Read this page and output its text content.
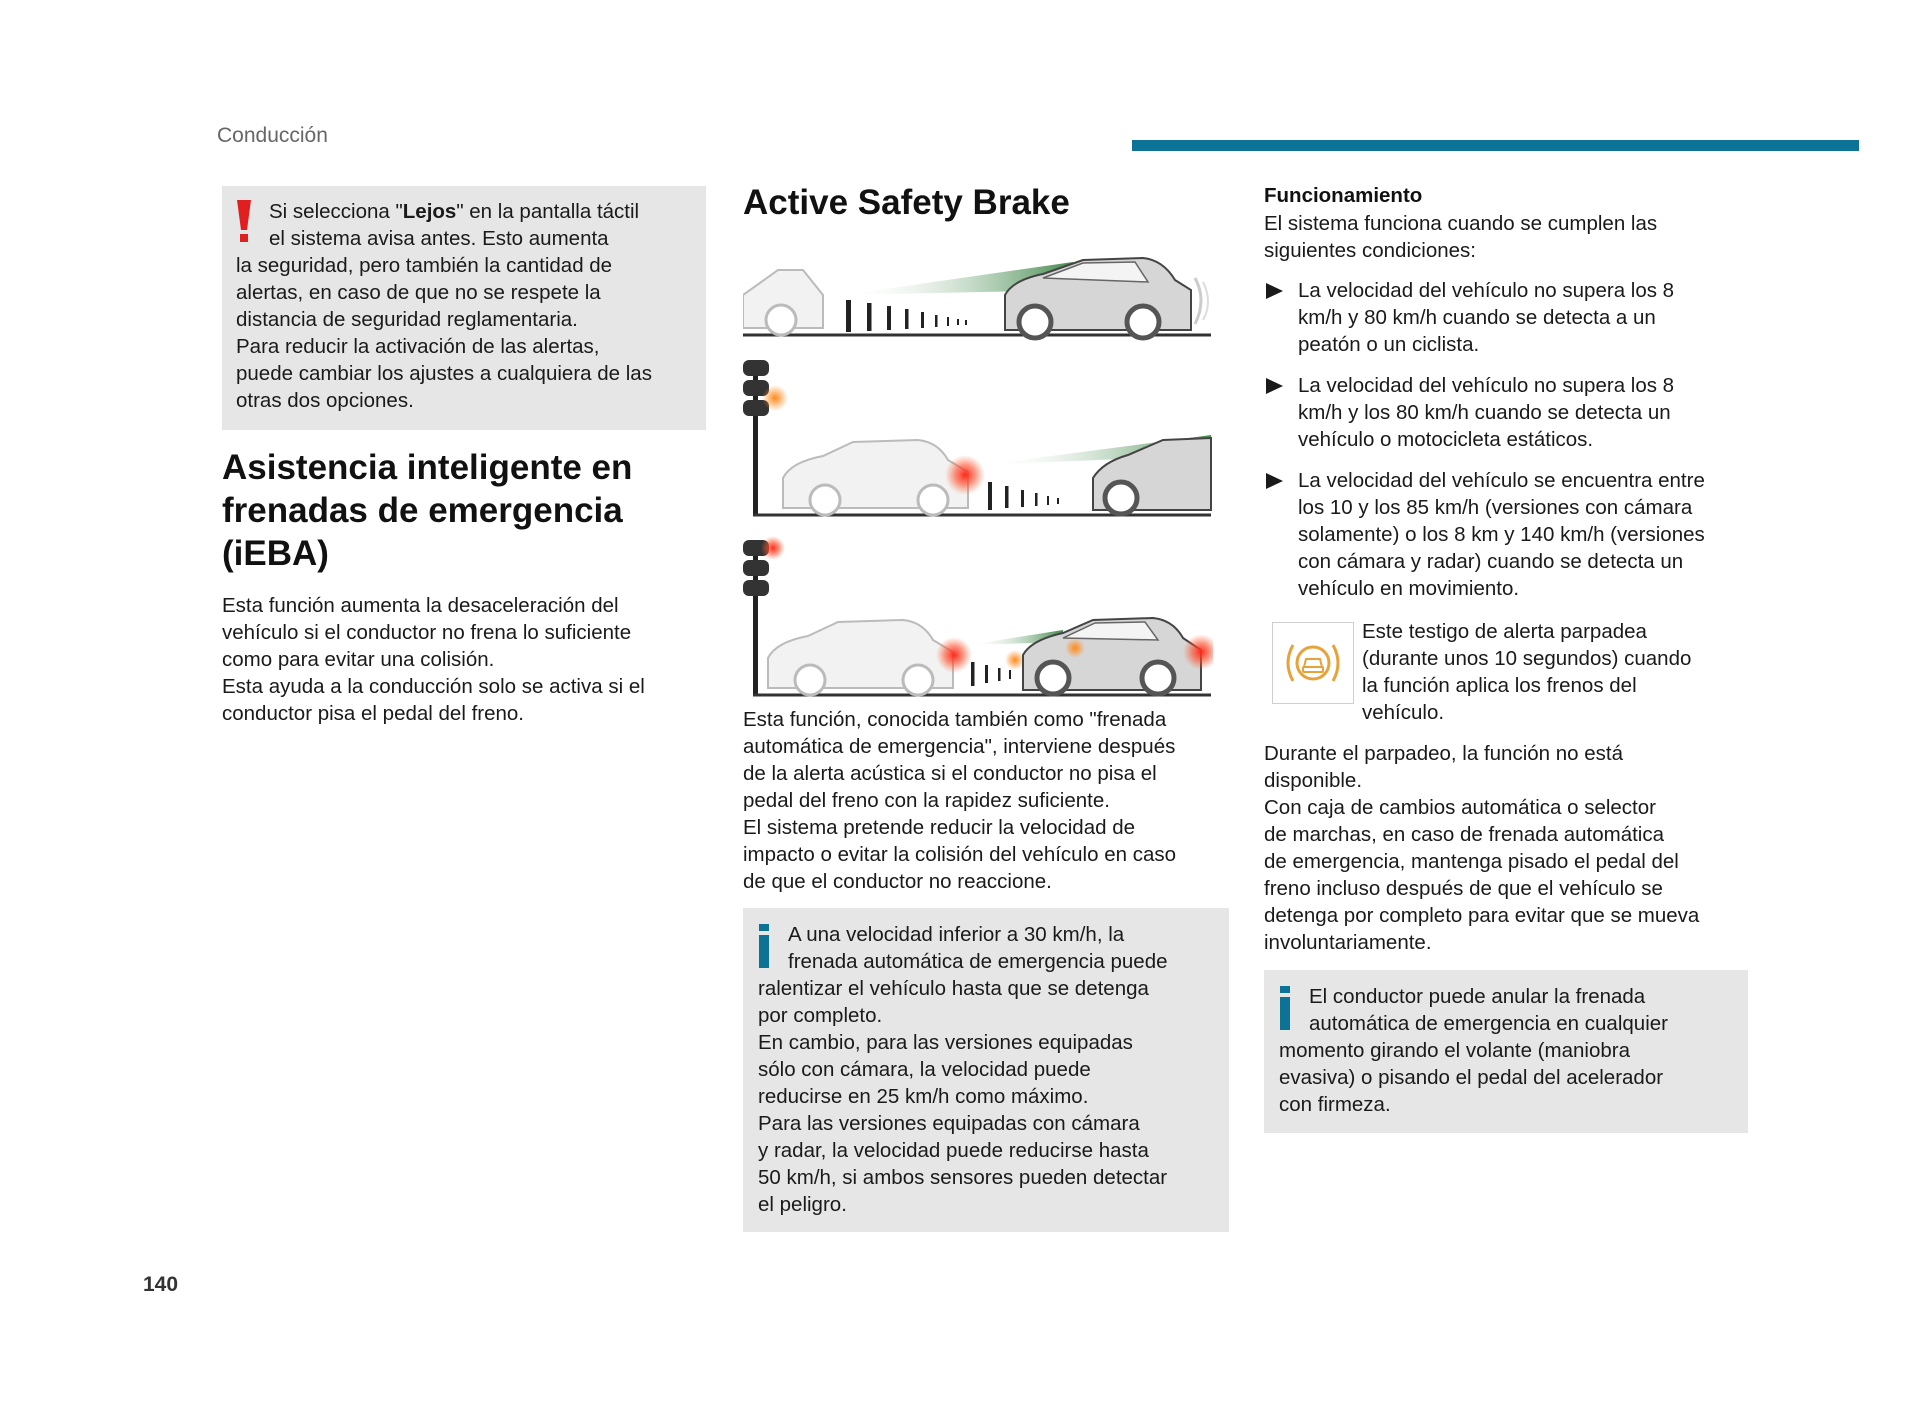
Conducción

Si selecciona "Lejos" en la pantalla táctil

el sistema avisa antes. Esto aumenta

la seguridad, pero también la cantidad de

alertas, en caso de que no se respete la

distancia de seguridad reglamentaria.

Para reducir la activación de las alertas,

puede cambiar los ajustes a cualquiera de las

otras dos opciones.

Asistencia inteligente en
frenadas de emergencia
(iEBA)

Esta función aumenta la desaceleración del

vehículo si el conductor no frena lo suficiente

como para evitar una colisión.

Esta ayuda a la conducción solo se activa si el

conductor pisa el pedal del freno.

Active Safety Brake

Esta función, conocida también como "frenada

automática de emergencia", interviene después

de la alerta acústica si el conductor no pisa el

pedal del freno con la rapidez suficiente.

El sistema pretende reducir la velocidad de

impacto o evitar la colisión del vehículo en caso

de que el conductor no reaccione.

A una velocidad inferior a 30 km/h, la

frenada automática de emergencia puede

ralentizar el vehículo hasta que se detenga

por completo.

En cambio, para las versiones equipadas

sólo con cámara, la velocidad puede

reducirse en 25 km/h como máximo.

Para las versiones equipadas con cámara

y radar, la velocidad puede reducirse hasta

50 km/h, si ambos sensores pueden detectar

el peligro.

Funcionamiento

El sistema funciona cuando se cumplen las

siguientes condiciones:

La velocidad del vehículo no supera los 8

km/h y 80 km/h cuando se detecta a un

peatón o un ciclista.

La velocidad del vehículo no supera los 8

km/h y los 80 km/h cuando se detecta un

vehículo o motocicleta estáticos.

La velocidad del vehículo se encuentra entre

los 10 y los 85 km/h (versiones con cámara

solamente) o los 8 km y 140 km/h (versiones

con cámara y radar) cuando se detecta un

vehículo en movimiento.

Este testigo de alerta parpadea

(durante unos 10 segundos) cuando

la función aplica los frenos del

vehículo.

Durante el parpadeo, la función no está

disponible.

Con caja de cambios automática o selector

de marchas, en caso de frenada automática

de emergencia, mantenga pisado el pedal del

freno incluso después de que el vehículo se

detenga por completo para evitar que se mueva

involuntariamente.

El conductor puede anular la frenada

automática de emergencia en cualquier

momento girando el volante (maniobra

evasiva) o pisando el pedal del acelerador

con firmeza.

140
